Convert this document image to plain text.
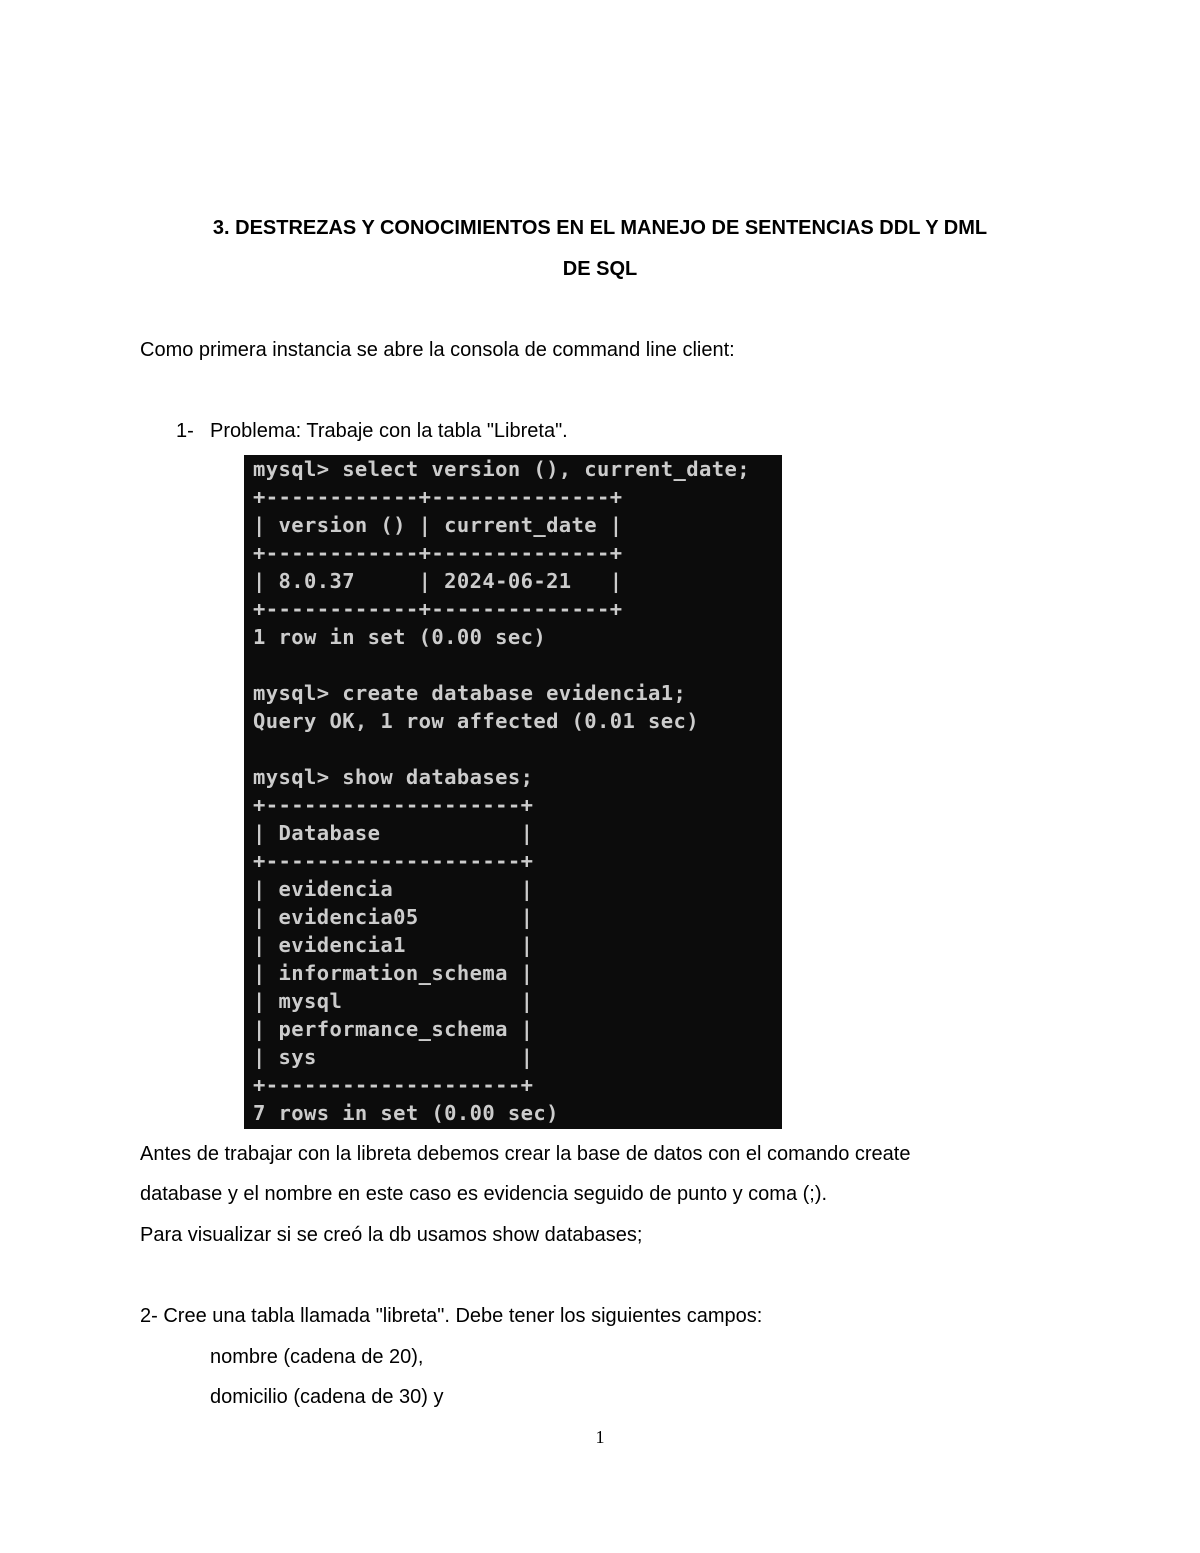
3. DESTREZAS Y CONOCIMIENTOS EN EL MANEJO DE SENTENCIAS DDL Y DML
DE SQL

Como primera instancia se abre la consola de command line client:

1- Problema: Trabaje con la tabla "Libreta".
mysql> select version (), current_date;
+------------+--------------+
| version () | current_date |
+------------+--------------+
| 8.0.37     | 2024-06-21   |
+------------+--------------+
1 row in set (0.00 sec)
mysql> create database evidencia1;
Query OK, 1 row affected (0.01 sec)
mysql> show databases;
+--------------------+
| Database           |
+--------------------+
| evidencia          |
| evidencia05        |
| evidencia1         |
| information_schema |
| mysql              |
| performance_schema |
| sys                |
+--------------------+
7 rows in set (0.00 sec)

Antes de trabajar con la libreta debemos crear la base de datos con el comando create

database y el nombre en este caso es evidencia seguido de punto y coma (;).

Para visualizar si se creó la db usamos show databases;

2- Cree una tabla llamada "libreta". Debe tener los siguientes campos:

nombre (cadena de 20),
domicilio (cadena de 30) y
1
